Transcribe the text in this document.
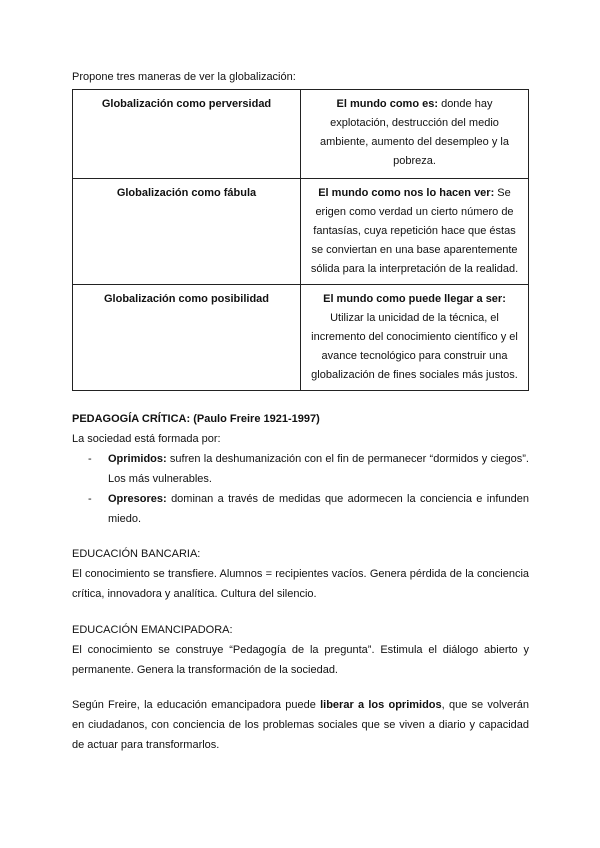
Propone tres maneras de ver la globalización:
Globalización como perversidad	El mundo como es: donde hay explotación, destrucción del medio ambiente, aumento del desempleo y la pobreza.
Globalización como fábula	El mundo como nos lo hacen ver: Se erigen como verdad un cierto número de fantasías, cuya repetición hace que éstas se conviertan en una base aparentemente sólida para la interpretación de la realidad.
Globalización como posibilidad	El mundo como puede llegar a ser: Utilizar la unicidad de la técnica, el incremento del conocimiento científico y el avance tecnológico para construir una globalización de fines sociales más justos.
PEDAGOGÍA CRÍTICA: (Paulo Freire 1921-1997)
La sociedad está formada por:
- Oprimidos: sufren la deshumanización con el fin de permanecer “dormidos y ciegos”. Los más vulnerables.
- Opresores: dominan a través de medidas que adormecen la conciencia e infunden miedo.
EDUCACIÓN BANCARIA:
El conocimiento se transfiere. Alumnos = recipientes vacíos. Genera pérdida de la conciencia crítica, innovadora y analítica. Cultura del silencio.
EDUCACIÓN EMANCIPADORA:
El conocimiento se construye “Pedagogía de la pregunta”. Estimula el diálogo abierto y permanente. Genera la transformación de la sociedad.
Según Freire, la educación emancipadora puede liberar a los oprimidos, que se volverán en ciudadanos, con conciencia de los problemas sociales que se viven a diario y capacidad de actuar para transformarlos.
